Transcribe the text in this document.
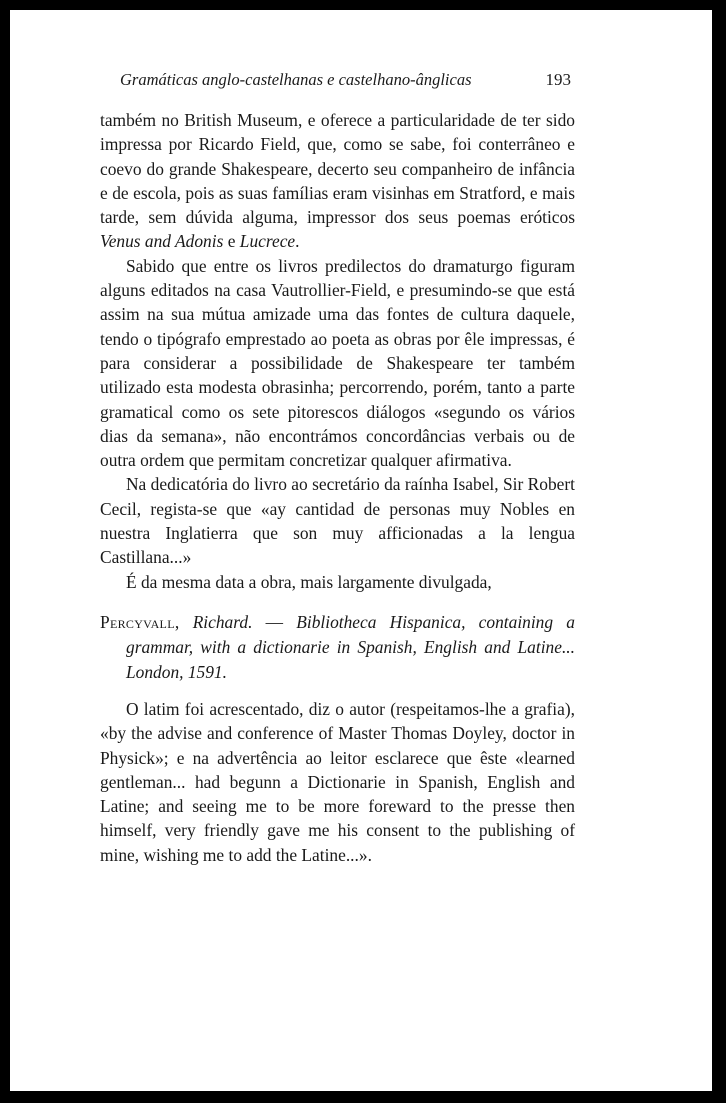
Gramáticas anglo-castelhanas e castelhano-ânglicas	193

também no British Museum, e oferece a particularidade de ter sido impressa por Ricardo Field, que, como se sabe, foi conterrâneo e coevo do grande Shakespeare, decerto seu companheiro de infância e de escola, pois as suas famílias eram visinhas em Stratford, e mais tarde, sem dúvida alguma, impressor dos seus poemas eróticos Venus and Adonis e Lucrece.

Sabido que entre os livros predilectos do dramaturgo figuram alguns editados na casa Vautrollier-Field, e presumindo-se que está assim na sua mútua amizade uma das fontes de cultura daquele, tendo o tipógrafo emprestado ao poeta as obras por êle impressas, é para considerar a possibilidade de Shakespeare ter também utilizado esta modesta obrasinha; percorrendo, porém, tanto a parte gramatical como os sete pitorescos diálogos «segundo os vários dias da semana», não encontrámos concordâncias verbais ou de outra ordem que permitam concretizar qualquer afirmativa.

Na dedicatória do livro ao secretário da raínha Isabel, Sir Robert Cecil, regista-se que «ay cantidad de personas muy Nobles en nuestra Inglatierra que son muy afficionadas a la lengua Castillana...»

É da mesma data a obra, mais largamente divulgada,

Percyvall, Richard. — Bibliotheca Hispanica, containing a grammar, with a dictionarie in Spanish, English and Latine... London, 1591.

O latim foi acrescentado, diz o autor (respeitamos-lhe a grafia), «by the advise and conference of Master Thomas Doyley, doctor in Physick»; e na advertência ao leitor esclarece que êste «learned gentleman... had begunn a Dictionarie in Spanish, English and Latine; and seeing me to be more foreward to the presse then himself, very friendly gave me his consent to the publishing of mine, wishing me to add the Latine...».
